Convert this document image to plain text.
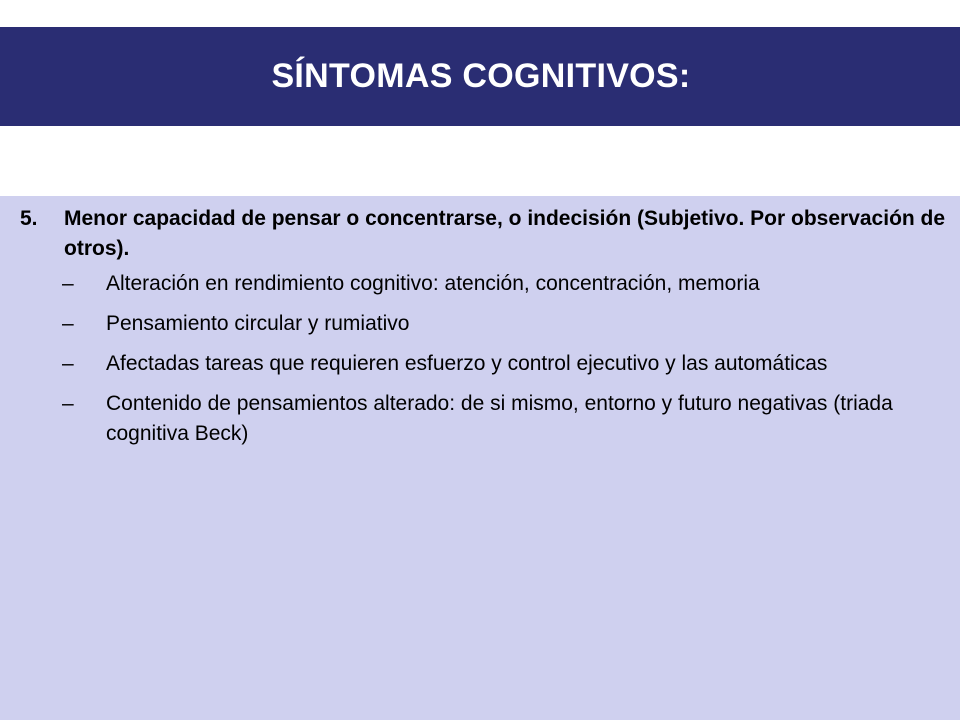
SÍNTOMAS COGNITIVOS:
5.	Menor capacidad de pensar o concentrarse, o indecisión (Subjetivo. Por observación de otros).
–	Alteración en rendimiento cognitivo: atención, concentración, memoria
–	Pensamiento circular y rumiativo
–	Afectadas tareas que requieren esfuerzo y control ejecutivo y las automáticas
–	Contenido de pensamientos alterado: de si mismo, entorno y futuro negativas (triada cognitiva Beck)
